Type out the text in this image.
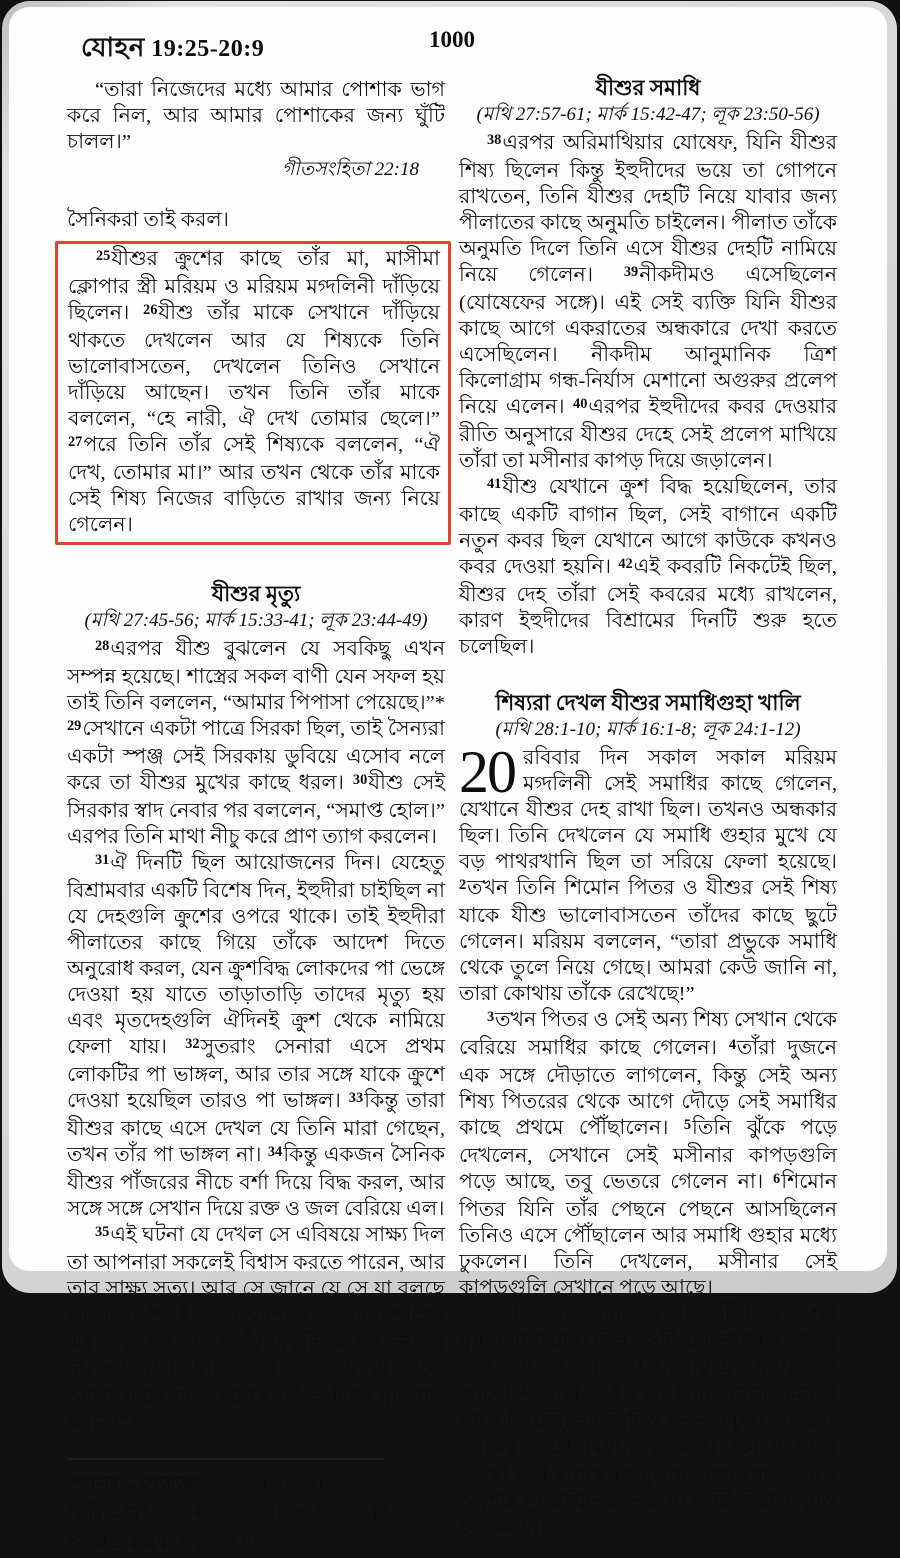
যোহন 19:25-20:9	1000

“তারা নিজেদের মধ্যে আমার পোশাক ভাগ করে নিল, আর আমার পোশাকের জন্য ঘুঁটি চালল।”

গীতসংহিতা 22:18

সৈনিকরা তাই করল।

$^{25}$যীশুর ক্রুশের কাছে তাঁর মা, মাসীমা ক্লোপার স্ত্রী মরিয়ম ও মরিয়ম মগ্দলিনী দাঁড়িয়ে ছিলেন। $^{26}$যীশু তাঁর মাকে সেখানে দাঁড়িয়ে থাকতে দেখলেন আর যে শিষ্যকে তিনি ভালোবাসতেন, দেখলেন তিনিও সেখানে দাঁড়িয়ে আছেন। তখন তিনি তাঁর মাকে বললেন, “হে নারী, ঐ দেখ তোমার ছেলে।” $^{27}$পরে তিনি তাঁর সেই শিষ্যকে বললেন, “ঐ দেখ, তোমার মা।” আর তখন থেকে তাঁর মাকে সেই শিষ্য নিজের বাড়িতে রাখার জন্য নিয়ে গেলেন।

যীশুর মৃত্যু

(মথি 27:45-56; মার্ক 15:33-41; লূক 23:44-49)

$^{28}$এরপর যীশু বুঝলেন যে সবকিছু এখন সম্পন্ন হয়েছে। শাস্ত্রের সকল বাণী যেন সফল হয় তাই তিনি বললেন, “আমার পিপাসা পেয়েছে।”* $^{29}$সেখানে একটা পাত্রে সিরকা ছিল, তাই সৈন্যরা একটা স্পঞ্জ সেই সিরকায় ডুবিয়ে এসোব নলে করে তা যীশুর মুখের কাছে ধরল। $^{30}$যীশু সেই সিরকার স্বাদ নেবার পর বললেন, “সমাপ্ত হোল।” এরপর তিনি মাথা নীচু করে প্রাণ ত্যাগ করলেন।

$^{31}$ঐ দিনটি ছিল আয়োজনের দিন। যেহেতু বিশ্রামবার একটি বিশেষ দিন, ইহুদীরা চাইছিল না যে দেহগুলি ক্রুশের ওপরে থাকে। তাই ইহুদীরা পীলাতের কাছে গিয়ে তাঁকে আদেশ দিতে অনুরোধ করল, যেন ক্রুশবিদ্ধ লোকদের পা ভেঙ্গে দেওয়া হয় যাতে তাড়াতাড়ি তাদের মৃত্যু হয় এবং মৃতদেহগুলি ঐদিনই ক্রুশ থেকে নামিয়ে ফেলা যায়। $^{32}$সুতরাং সেনারা এসে প্রথম লোকটির পা ভাঙ্গল, আর তার সঙ্গে যাকে ক্রুশে দেওয়া হয়েছিল তারও পা ভাঙ্গল। $^{33}$কিন্তু তারা যীশুর কাছে এসে দেখল যে তিনি মারা গেছেন, তখন তাঁর পা ভাঙ্গল না। $^{34}$কিন্তু একজন সৈনিক যীশুর পাঁজরের নীচে বর্শা দিয়ে বিদ্ধ করল, আর সঙ্গে সঙ্গে সেখান দিয়ে রক্ত ও জল বেরিয়ে এল।

$^{35}$এই ঘটনা যে দেখল সে এবিষয়ে সাক্ষ্য দিল তা আপনারা সকলেই বিশ্বাস করতে পারেন, আর তার সাক্ষ্য সত্য। আর সে জানে যে সে যা বলছে তা সত্য। $^{36}$এই সকল ঘটনা ঘটল যাতে শাস্ত্রের এই কথা পূর্ণ হয়: “তাঁর একটি অস্থিও ভাঙ্গবে না।”* $^{37}$আবার শাস্ত্রে আর এক জায়গায় আছে, “তারা যাঁকে বিদ্ধ করেছে তাঁরই দিকে দৃষ্টিপাত করবে।”*

“আমার ... পেয়েছে” গীত 22:15; 69:21
“তাঁর ... না” গীত 34:20; যাত্রা 12:46; গণনা 9:12
“তারা ... করবে” সখরিয় 12:10

যীশুর সমাধি

(মথি 27:57-61; মার্ক 15:42-47; লূক 23:50-56)

$^{38}$এরপর অরিমাথিয়ার যোষেফ, যিনি যীশুর শিষ্য ছিলেন কিন্তু ইহুদীদের ভয়ে তা গোপনে রাখতেন, তিনি যীশুর দেহটি নিয়ে যাবার জন্য পীলাতের কাছে অনুমতি চাইলেন। পীলাত তাঁকে অনুমতি দিলে তিনি এসে যীশুর দেহটি নামিয়ে নিয়ে গেলেন। $^{39}$নীকদীমও এসেছিলেন (যোষেফের সঙ্গে)। এই সেই ব্যক্তি যিনি যীশুর কাছে আগে একরাতের অন্ধকারে দেখা করতে এসেছিলেন। নীকদীম আনুমানিক ত্রিশ কিলোগ্রাম গন্ধ-নির্যাস মেশানো অগুরুর প্রলেপ নিয়ে এলেন। $^{40}$এরপর ইহুদীদের কবর দেওয়ার রীতি অনুসারে যীশুর দেহে সেই প্রলেপ মাখিয়ে তাঁরা তা মসীনার কাপড় দিয়ে জড়ালেন।

$^{41}$যীশু যেখানে ক্রুশ বিদ্ধ হয়েছিলেন, তার কাছে একটি বাগান ছিল, সেই বাগানে একটি নতুন কবর ছিল যেখানে আগে কাউকে কখনও কবর দেওয়া হয়নি। $^{42}$এই কবরটি নিকটেই ছিল, যীশুর দেহ তাঁরা সেই কবরের মধ্যে রাখলেন, কারণ ইহুদীদের বিশ্রামের দিনটি শুরু হতে চলেছিল।

শিষ্যরা দেখল যীশুর সমাধিগুহা খালি

(মথি 28:1-10; মার্ক 16:1-8; লূক 24:1-12)

20 রবিবার দিন সকাল সকাল মরিয়ম মগ্দলিনী সেই সমাধির কাছে গেলেন, যেখানে যীশুর দেহ রাখা ছিল। তখনও অন্ধকার ছিল। তিনি দেখলেন যে সমাধি গুহার মুখে যে বড় পাথরখানি ছিল তা সরিয়ে ফেলা হয়েছে। $^2$তখন তিনি শিমোন পিতর ও যীশুর সেই শিষ্য যাকে যীশু ভালোবাসতেন তাঁদের কাছে ছুটে গেলেন। মরিয়ম বললেন, “তারা প্রভুকে সমাধি থেকে তুলে নিয়ে গেছে। আমরা কেউ জানি না, তারা কোথায় তাঁকে রেখেছে!”

$^3$তখন পিতর ও সেই অন্য শিষ্য সেখান থেকে বেরিয়ে সমাধির কাছে গেলেন। $^4$তাঁরা দুজনে এক সঙ্গে দৌড়াতে লাগলেন, কিন্তু সেই অন্য শিষ্য পিতরের থেকে আগে দৌড়ে সেই সমাধির কাছে প্রথমে পৌঁছালেন। $^5$তিনি ঝুঁকে পড়ে দেখলেন, সেখানে সেই মসীনার কাপড়গুলি পড়ে আছে, তবু ভেতরে গেলেন না। $^6$শিমোন পিতর যিনি তাঁর পেছনে পেছনে আসছিলেন তিনিও এসে পৌঁছালেন আর সমাধি গুহার মধ্যে ঢুকলেন। তিনি দেখলেন, মসীনার সেই কাপড়গুলি সেখানে পড়ে আছে।

$^7$আর কবর দেবার যে কাপড়টি দিয়ে যীশুর মুখ ও মাথা ঢাকা ছিল, সেটি ঐ মসীনার কাপড়ের সঙ্গে নেই, তা গোটানো অবস্থায় এক পাশে পড়ে আছে। $^8$এরপর সেই শিষ্য যিনি প্রথমে সমাধির কাছে গিয়েছিলেন তিনিও ভেতরে ঢুকলেন এবং সবকিছু দেখে বিশ্বাস করলেন। $^9$কারণ শাস্ত্রে একথা বলা হয়েছে যে মৃতদের মধ্য থেকে তাঁকে অবশ্যই পুনরুত্থিত হতে হবে। সেটি তাঁরা তখনও বোঝেননি।
